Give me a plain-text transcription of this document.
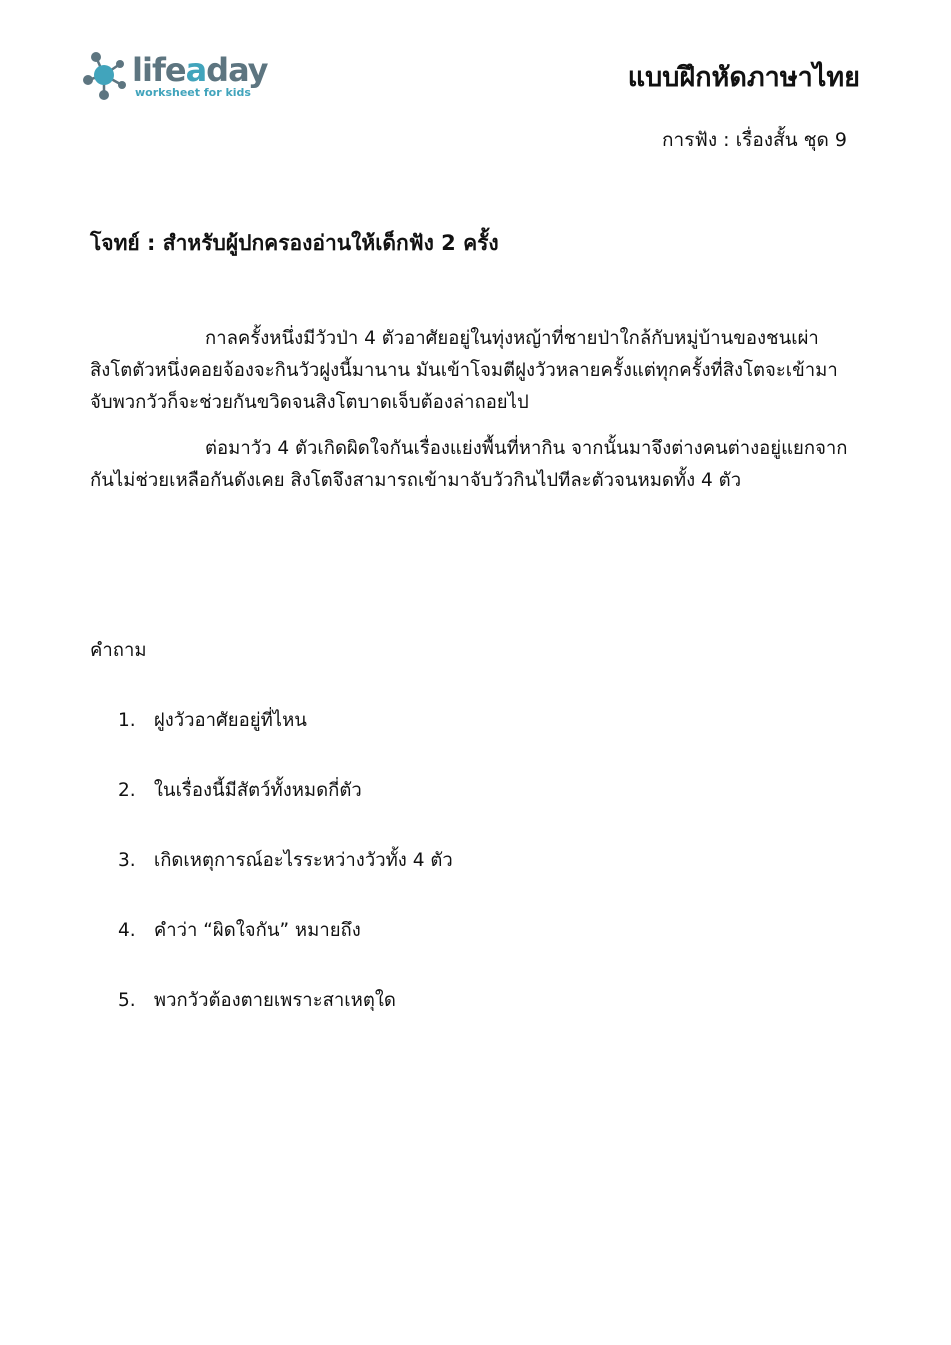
lifeaday
worksheet for kids	แบบฝึกหัดภาษาไทย
การฟัง : เรื่องสั้น ชุด 9
โจทย์ : สำหรับผู้ปกครองอ่านให้เด็กฟัง 2 ครั้ง

กาลครั้งหนึ่งมีวัวป่า 4 ตัวอาศัยอยู่ในทุ่งหญ้าที่ชายป่าใกล้กับหมู่บ้านของชนเผ่า สิงโตตัวหนึ่งคอยจ้องจะกินวัวฝูงนี้มานาน มันเข้าโจมตีฝูงวัวหลายครั้งแต่ทุกครั้งที่สิงโตจะเข้ามาจับพวกวัวก็จะช่วยกันขวิดจนสิงโตบาดเจ็บต้องล่าถอยไป

ต่อมาวัว 4 ตัวเกิดผิดใจกันเรื่องแย่งพื้นที่หากิน จากนั้นมาจึงต่างคนต่างอยู่แยกจากกันไม่ช่วยเหลือกันดังเคย สิงโตจึงสามารถเข้ามาจับวัวกินไปทีละตัวจนหมดทั้ง 4 ตัว

คำถาม
1. ฝูงวัวอาศัยอยู่ที่ไหน
2. ในเรื่องนี้มีสัตว์ทั้งหมดกี่ตัว
3. เกิดเหตุการณ์อะไรระหว่างวัวทั้ง 4 ตัว
4. คำว่า “ผิดใจกัน” หมายถึง
5. พวกวัวต้องตายเพราะสาเหตุใด
